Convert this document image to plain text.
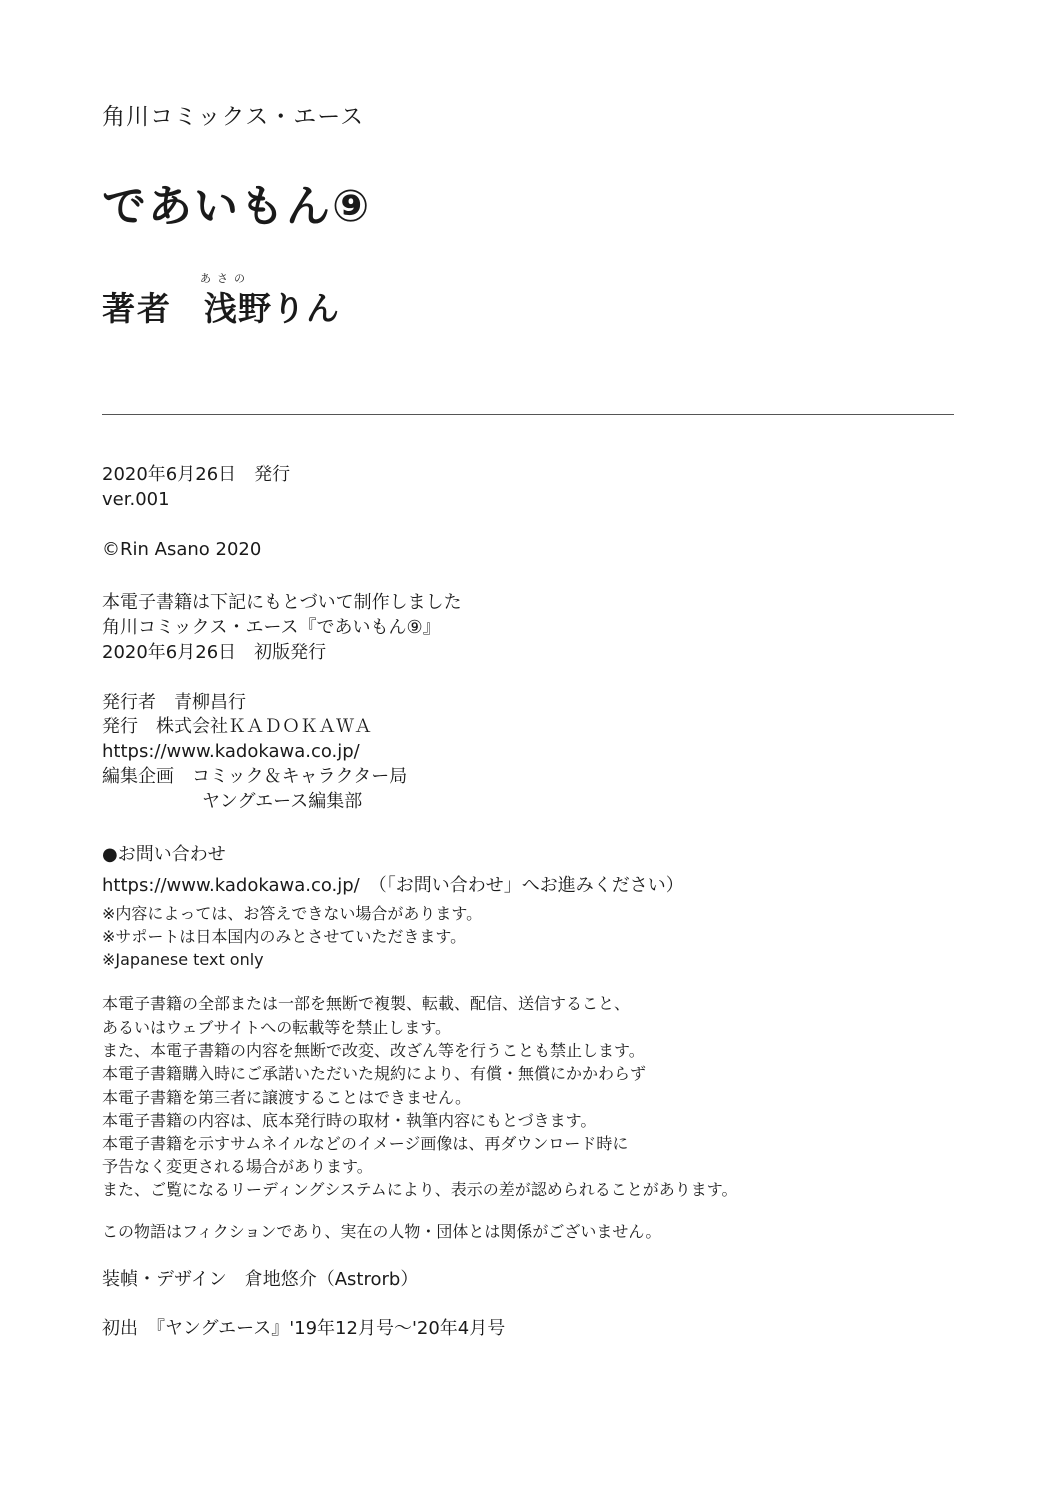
角川コミックス・エース
であいもん⑨
あさの
著者 浅野りん
2020年6月26日　発行
ver.001
©Rin Asano 2020
本電子書籍は下記にもとづいて制作しました
角川コミックス・エース『であいもん⑨』
2020年6月26日　初版発行
発行者　青柳昌行
発行　株式会社ＫＡＤＯＫＡＷＡ
https://www.kadokawa.co.jp/
編集企画　コミック＆キャラクター局
ヤングエース編集部
●お問い合わせ
https://www.kadokawa.co.jp/　（「お問い合わせ」へお進みください）
※内容によっては、お答えできない場合があります。
※サポートは日本国内のみとさせていただきます。
※Japanese text only
本電子書籍の全部または一部を無断で複製、転載、配信、送信すること、
あるいはウェブサイトへの転載等を禁止します。
また、本電子書籍の内容を無断で改変、改ざん等を行うことも禁止します。
本電子書籍購入時にご承諾いただいた規約により、有償・無償にかかわらず
本電子書籍を第三者に譲渡することはできません。
本電子書籍の内容は、底本発行時の取材・執筆内容にもとづきます。
本電子書籍を示すサムネイルなどのイメージ画像は、再ダウンロード時に
予告なく変更される場合があります。
また、ご覧になるリーディングシステムにより、表示の差が認められることがあります。
この物語はフィクションであり、実在の人物・団体とは関係がございません。
装幀・デザイン　倉地悠介（Astrorb）
初出　『ヤングエース』'19年12月号～'20年4月号
